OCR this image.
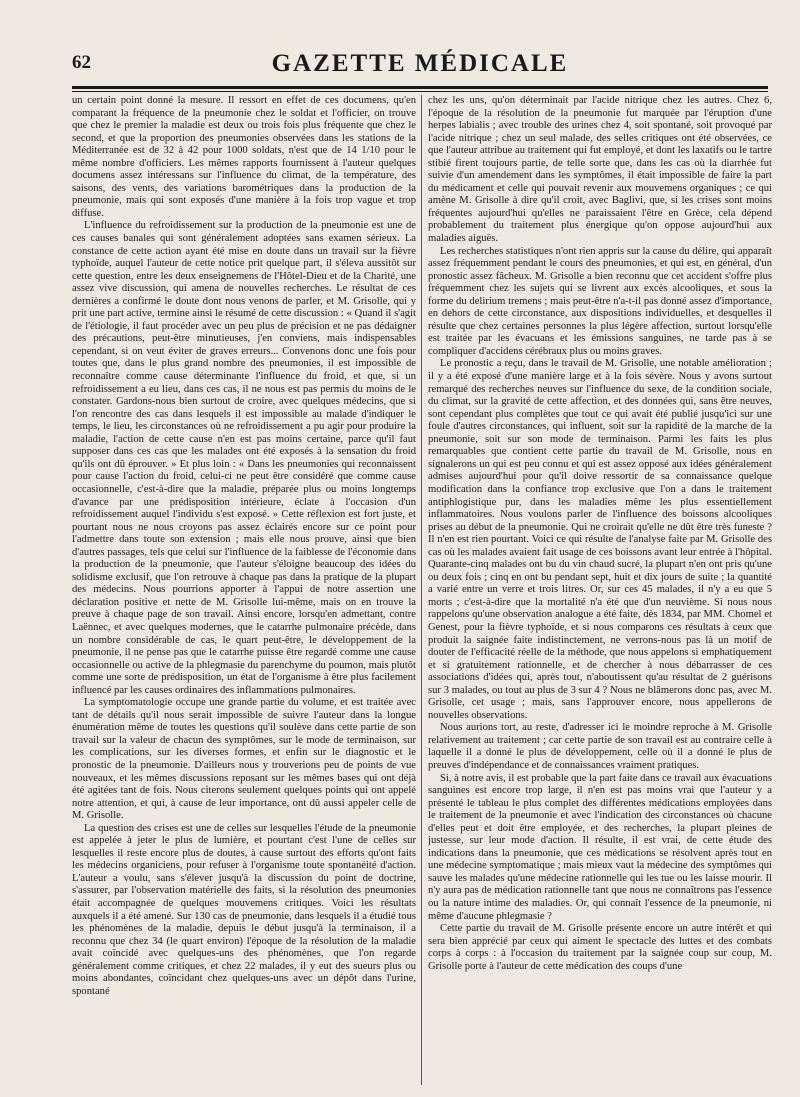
62	GAZETTE MÉDICALE

un certain point donné la mesure. Il ressort en effet de ces documens, qu'en comparant la fréquence de la pneumonie chez le soldat et l'officier, on trouve que chez le premier la maladie est deux ou trois fois plus fréquente que chez le second, et que la proportion des pneumonies observées dans les stations de la Méditerranée est de 32 à 42 pour 1000 soldats, n'est que de 14 1/10 pour le même nombre d'officiers. Les mêmes rapports fournissent à l'auteur quelques documens assez intéressans sur l'influence du climat, de la température, des saisons, des vents, des variations barométriques dans la production de la pneumonie, mais qui sont exposés d'une manière à la fois trop vague et trop diffuse.

L'influence du refroidissement sur la production de la pneumonie est une de ces causes banales qui sont généralement adoptées sans examen sérieux. La constance de cette action ayant été mise en doute dans un travail sur la fièvre typhoïde, auquel l'auteur de cette notice prit quelque part, il s'éleva aussitôt sur cette question, entre les deux enseignemens de l'Hôtel-Dieu et de la Charité, une assez vive discussion, qui amena de nouvelles recherches. Le résultat de ces dernières a confirmé le doute dont nous venons de parler, et M. Grisolle, qui y prit une part active, termine ainsi le résumé de cette discussion : « Quand il s'agit de l'étiologie, il faut procéder avec un peu plus de précision et ne pas dédaigner des précautions, peut-être minutieuses, j'en conviens, mais indispensables cependant, si on veut éviter de graves erreurs... Convenons donc une fois pour toutes que, dans le plus grand nombre des pneumonies, il est impossible de reconnaître comme cause déterminante l'influence du froid, et que, si un refroidissement a eu lieu, dans ces cas, il ne nous est pas permis du moins de le constater. Gardons-nous bien surtout de croire, avec quelques médecins, que si l'on rencontre des cas dans lesquels il est impossible au malade d'indiquer le temps, le lieu, les circonstances où ne refroidissement a pu agir pour produire la maladie, l'action de cette cause n'en est pas moins certaine, parce qu'il faut supposer dans ces cas que les malades ont été exposés à la sensation du froid qu'ils ont dû éprouver. » Et plus loin : « Dans les pneumonies qui reconnaissent pour cause l'action du froid, celui-ci ne peut être considéré que comme cause occasionnelle, c'est-à-dire que la maladie, préparée plus ou moins longtemps d'avance par une prédisposition intérieure, éclate à l'occasion d'un refroidissement auquel l'individu s'est exposé. » Cette réflexion est fort juste, et pourtant nous ne nous croyons pas assez éclairés encore sur ce point pour l'admettre dans toute son extension ; mais elle nous prouve, ainsi que bien d'autres passages, tels que celui sur l'influence de la faiblesse de l'économie dans la production de la pneumonie, que l'auteur s'éloigne beaucoup des idées du solidisme exclusif, que l'on retrouve à chaque pas dans la pratique de la plupart des médecins. Nous pourrions apporter à l'appui de notre assertion une déclaration positive et nette de M. Grisolle lui-même, mais on en trouve la preuve à chaque page de son travail. Ainsi encore, lorsqu'en admettant, contre Laënnec, et avec quelques modernes, que le catarrhe pulmonaire précède, dans un nombre considérable de cas, le quart peut-être, le développement de la pneumonie, il ne pense pas que le catarrhe puisse être regardé comme une cause occasionnelle ou active de la phlegmasie du parenchyme du poumon, mais plutôt comme une sorte de prédisposition, un état de l'organisme à être plus facilement influencé par les causes ordinaires des inflammations pulmonaires.

La symptomatologie occupe une grande partie du volume, et est traitée avec tant de détails qu'il nous serait impossible de suivre l'auteur dans la longue énumération même de toutes les questions qu'il soulève dans cette partie de son travail sur la valeur de chacun des symptômes, sur le mode de terminaison, sur les complications, sur les diverses formes, et enfin sur le diagnostic et le pronostic de la pneumonie. D'ailleurs nous y trouverions peu de points de vue nouveaux, et les mêmes discussions reposant sur les mêmes bases qui ont déjà été agitées tant de fois. Nous citerons seulement quelques points qui ont appelé notre attention, et qui, à cause de leur importance, ont dû aussi appeler celle de M. Grisolle.

La question des crises est une de celles sur lesquelles l'étude de la pneumonie est appelée à jeter le plus de lumière, et pourtant c'est l'une de celles sur lesquelles il reste encore plus de doutes, à cause surtout des efforts qu'ont faits les médecins organiciens, pour refuser à l'organisme toute spontanéité d'action. L'auteur a voulu, sans s'élever jusqu'à la discussion du point de doctrine, s'assurer, par l'observation matérielle des faits, si la résolution des pneumonies était accompagnée de quelques mouvemens critiques. Voici les résultats auxquels il a été amené. Sur 130 cas de pneumonie, dans lesquels il a étudié tous les phénomènes de la maladie, depuis le début jusqu'à la terminaison, il a reconnu que chez 34 (le quart environ) l'époque de la résolution de la maladie avait coïncidé avec quelques-uns des phénomènes, que l'on regarde généralement comme critiques, et chez 22 malades, il y eut des sueurs plus ou moins abondantes, coïncidant chez quelques-uns avec un dépôt dans l'urine, spontané

chez les uns, qu'on déterminait par l'acide nitrique chez les autres. Chez 6, l'époque de la résolution de la pneumonie fut marquée par l'éruption d'une herpes labialis ; avec trouble des urines chez 4, soit spontané, soit provoqué par l'acide nitrique ; chez un seul malade, des selles critiques ont été observées, ce que l'auteur attribue au traitement qui fut employé, et dont les laxatifs ou le tartre stibié firent toujours partie, de telle sorte que, dans les cas où la diarrhée fut suivie d'un amendement dans les symptômes, il était impossible de faire la part du médicament et celle qui pouvait revenir aux mouvemens organiques ; ce qui amène M. Grisolle à dire qu'il croit, avec Baglivi, que, si les crises sont moins fréquentes aujourd'hui qu'elles ne paraissaient l'être en Grèce, cela dépend probablement du traitement plus énergique qu'on oppose aujourd'hui aux maladies aiguës.

Les recherches statistiques n'ont rien appris sur la cause du délire, qui apparaît assez fréquemment pendant le cours des pneumonies, et qui est, en général, d'un pronostic assez fâcheux. M. Grisolle a bien reconnu que cet accident s'offre plus fréquemment chez les sujets qui se livrent aux excès alcooliques, et sous la forme du delirium tremens ; mais peut-être n'a-t-il pas donné assez d'importance, en dehors de cette circonstance, aux dispositions individuelles, et desquelles il résulte que chez certaines personnes la plus légère affection, surtout lorsqu'elle est traitée par les évacuans et les émissions sanguines, ne tarde pas à se compliquer d'accidens cérébraux plus ou moins graves.

Le pronostic a reçu, dans le travail de M. Grisolle, une notable amélioration ; il y a été exposé d'une manière large et à la fois sévère. Nous y avons surtout remarqué des recherches neuves sur l'influence du sexe, de la condition sociale, du climat, sur la gravité de cette affection, et des données qui, sans être neuves, sont cependant plus complètes que tout ce qui avait été publié jusqu'ici sur une foule d'autres circonstances, qui influent, soit sur la rapidité de la marche de la pneumonie, soit sur son mode de terminaison. Parmi les faits les plus remarquables que contient cette partie du travail de M. Grisolle, nous en signalerons un qui est peu connu et qui est assez opposé aux idées généralement admises aujourd'hui pour qu'il doive ressortir de sa connaissance quelque modification dans la confiance trop exclusive que l'on a dans le traitement antiphlogistique pur, dans les maladies même les plus essentiellement inflammatoires. Nous voulons parler de l'influence des boissons alcooliques prises au début de la pneumonie. Qui ne croirait qu'elle ne dût être très funeste ? Il n'en est rien pourtant. Voici ce qui résulte de l'analyse faite par M. Grisolle des cas où les malades avaient fait usage de ces boissons avant leur entrée à l'hôpital. Quarante-cinq malades ont bu du vin chaud sucré, la plupart n'en ont pris qu'une ou deux fois ; cinq en ont bu pendant sept, huit et dix jours de suite ; la quantité a varié entre un verre et trois litres. Or, sur ces 45 malades, il n'y a eu que 5 morts ; c'est-à-dire que la mortalité n'a été que d'un neuvième. Si nous nous rappelons qu'une observation analogue a été faite, dès 1834, par MM. Chomel et Genest, pour la fièvre typhoïde, et si nous comparons ces résultats à ceux que produit la saignée faite indistinctement, ne verrons-nous pas là un motif de douter de l'efficacité réelle de la méthode, que nous appelons si emphatiquement et si gratuitement rationnelle, et de chercher à nous débarrasser de ces associations d'idées qui, après tout, n'aboutissent qu'au résultat de 2 guérisons sur 3 malades, ou tout au plus de 3 sur 4 ? Nous ne blâmerons donc pas, avec M. Grisolle, cet usage ; mais, sans l'approuver encore, nous appellerons de nouvelles observations.

Nous aurions tort, au reste, d'adresser ici le moindre reproche à M. Grisolle relativement au traitement ; car cette partie de son travail est au contraire celle à laquelle il a donné le plus de développement, celle où il a donné le plus de preuves d'indépendance et de connaissances vraiment pratiques.

Si, à notre avis, il est probable que la part faite dans ce travail aux évacuations sanguines est encore trop large, il n'en est pas moins vrai que l'auteur y a présenté le tableau le plus complet des différentes médications employées dans le traitement de la pneumonie et avec l'indication des circonstances où chacune d'elles peut et doit être employée, et des recherches, la plupart pleines de justesse, sur leur mode d'action. Il résulte, il est vrai, de cette étude des indications dans la pneumonie, que ces médications se résolvent après tout en une médecine symptomatique ; mais mieux vaut la médecine des symptômes qui sauve les malades qu'une médecine rationnelle qui les tue ou les laisse mourir. Il n'y aura pas de médication rationnelle tant que nous ne connaîtrons pas l'essence ou la nature intime des maladies. Or, qui connaît l'essence de la pneumonie, ni même d'aucune phlegmasie ?

Cette partie du travail de M. Grisolle présente encore un autre intérêt et qui sera bien apprécié par ceux qui aiment le spectacle des luttes et des combats corps à corps : à l'occasion du traitement par la saignée coup sur coup, M. Grisolle porte à l'auteur de cette médication des coups d'une
